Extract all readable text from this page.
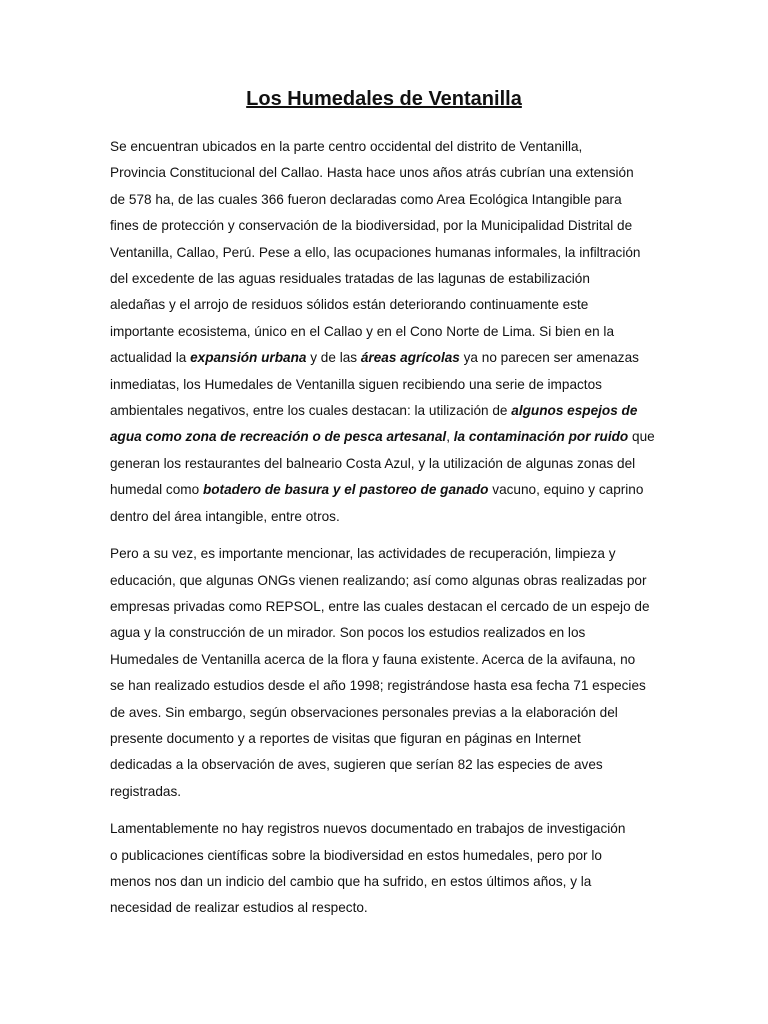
Los Humedales de Ventanilla

Se encuentran ubicados en la parte centro occidental del distrito de Ventanilla,
Provincia Constitucional del Callao. Hasta hace unos años atrás cubrían una extensión
de 578 ha, de las cuales 366 fueron declaradas como Area Ecológica Intangible para
fines de protección y conservación de la biodiversidad, por la Municipalidad Distrital de
Ventanilla, Callao, Perú. Pese a ello, las ocupaciones humanas informales, la infiltración
del excedente de las aguas residuales tratadas de las lagunas de estabilización
aledañas y el arrojo de residuos sólidos están deteriorando continuamente este
importante ecosistema, único en el Callao y en el Cono Norte de Lima. Si bien en la
actualidad la expansión urbana y de las áreas agrícolas ya no parecen ser amenazas
inmediatas, los Humedales de Ventanilla siguen recibiendo una serie de impactos
ambientales negativos, entre los cuales destacan: la utilización de algunos espejos de
agua como zona de recreación o de pesca artesanal, la contaminación por ruido que
generan los restaurantes del balneario Costa Azul, y la utilización de algunas zonas del
humedal como botadero de basura y el pastoreo de ganado vacuno, equino y caprino
dentro del área intangible, entre otros.

Pero a su vez, es importante mencionar, las actividades de recuperación, limpieza y
educación, que algunas ONGs vienen realizando; así como algunas obras realizadas por
empresas privadas como REPSOL, entre las cuales destacan el cercado de un espejo de
agua y la construcción de un mirador. Son pocos los estudios realizados en los
Humedales de Ventanilla acerca de la flora y fauna existente. Acerca de la avifauna, no
se han realizado estudios desde el año 1998; registrándose hasta esa fecha 71 especies
de aves. Sin embargo, según observaciones personales previas a la elaboración del
presente documento y a reportes de visitas que figuran en páginas en Internet
dedicadas a la observación de aves, sugieren que serían 82 las especies de aves
registradas.

Lamentablemente no hay registros nuevos documentado en trabajos de investigación
o publicaciones científicas sobre la biodiversidad en estos humedales, pero por lo
menos nos dan un indicio del cambio que ha sufrido, en estos últimos años, y la
necesidad de realizar estudios al respecto.
